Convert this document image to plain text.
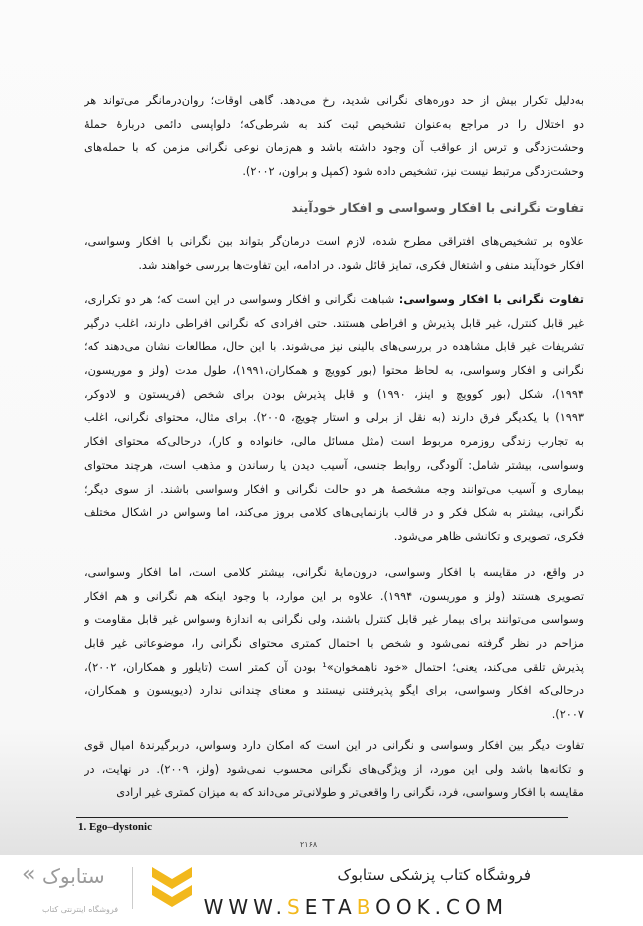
به‌دلیل تکرار بیش از حد دوره‌های نگرانی شدید، رخ می‌دهد. گاهی اوقات؛ روان‌درمانگر می‌تواند هر
دو اختلال را در مراجع به‌عنوان تشخیص ثبت کند به شرطی‌که؛ دلواپسی دائمی دربارهٔ حملهٔ
وحشت‌زدگی و ترس از عواقب آن وجود داشته باشد و هم‌زمان نوعی نگرانی مزمن که با حمله‌های
وحشت‌زدگی مرتبط نیست نیز، تشخیص داده شود (کمپل و براون، ۲۰۰۲).
تفاوت نگرانی با افکار وسواسی و افکار خودآیند
علاوه بر تشخیص‌های افتراقی مطرح شده، لازم است درمان‌گر بتواند بین نگرانی با افکار وسواسی،
افکار خودآیند منفی و اشتغال فکری، تمایز قائل شود. در ادامه، این تفاوت‌ها بررسی خواهند شد.
تفاوت نگرانی با افکار وسواسی: شباهت نگرانی و افکار وسواسی در این است که؛ هر دو تکراری،
غیر قابل کنترل، غیر قابل پذیرش و افراطی هستند. حتی افرادی که نگرانی افراطی دارند، اغلب درگیر
تشریفات غیر قابل مشاهده در بررسی‌های بالینی نیز می‌شوند. با این حال، مطالعات نشان می‌دهند که؛
نگرانی و افکار وسواسی، به لحاظ محتوا (بور کوویچ و همکاران،۱۹۹۱)، طول مدت (ولز و موریسون،
۱۹۹۴)، شکل (بور کوویچ و اینز، ۱۹۹۰) و قابل پذیرش بودن برای شخص (فریستون و لادوکر،
۱۹۹۳) با یکدیگر فرق دارند (به نقل از برلی و استار چویچ، ۲۰۰۵). برای مثال، محتوای نگرانی، اغلب
به تجارب زندگی روزمره مربوط است (مثل مسائل مالی، خانواده و کار)، درحالی‌که محتوای افکار
وسواسی، بیشتر شامل: آلودگی، روابط جنسی، آسیب دیدن یا رساندن و مذهب است، هرچند محتوای
بیماری و آسیب می‌توانند وجه مشخصهٔ هر دو حالت نگرانی و افکار وسواسی باشند. از سوی دیگر؛
نگرانی، بیشتر به شکل فکر و در قالب بازنمایی‌های کلامی بروز می‌کند، اما وسواس در اشکال مختلف
فکری، تصویری و تکانشی ظاهر می‌شود.
در واقع، در مقایسه با افکار وسواسی، درون‌مایهٔ نگرانی، بیشتر کلامی است، اما افکار وسواسی،
تصویری هستند (ولز و موریسون، ۱۹۹۴). علاوه بر این موارد، با وجود اینکه هم نگرانی و هم افکار
وسواسی می‌توانند برای بیمار غیر قابل کنترل باشند، ولی نگرانی به اندازهٔ وسواس غیر قابل مقاومت و
مزاحم در نظر گرفته نمی‌شود و شخص با احتمال کمتری محتوای نگرانی را، موضوعاتی غیر قابل
پذیرش تلقی می‌کند، یعنی؛ احتمال «خود ناهمخوان»¹ بودن آن کمتر است (تایلور و همکاران، ۲۰۰۲)،
درحالی‌که افکار وسواسی، برای ایگو پذیرفتنی نیستند و معنای چندانی ندارد (دیویسون و همکاران،
۲۰۰۷).
تفاوت دیگر بین افکار وسواسی و نگرانی در این است که امکان دارد وسواس، دربرگیرندهٔ امیال قوی
و تکانه‌ها باشد ولی این مورد، از ویژگی‌های نگرانی محسوب نمی‌شود (ولز، ۲۰۰۹). در نهایت، در
مقایسه با افکار وسواسی، فرد، نگرانی را واقعی‌تر و طولانی‌تر می‌داند که به میزان کمتری غیر ارادی
1. Ego–dystonic
۲۱۶۸
« ستابوک
فروشگاه اینترنتی کتاب
فروشگاه کتاب پزشکی ستابوک
WWW.SETABOOK.COM
